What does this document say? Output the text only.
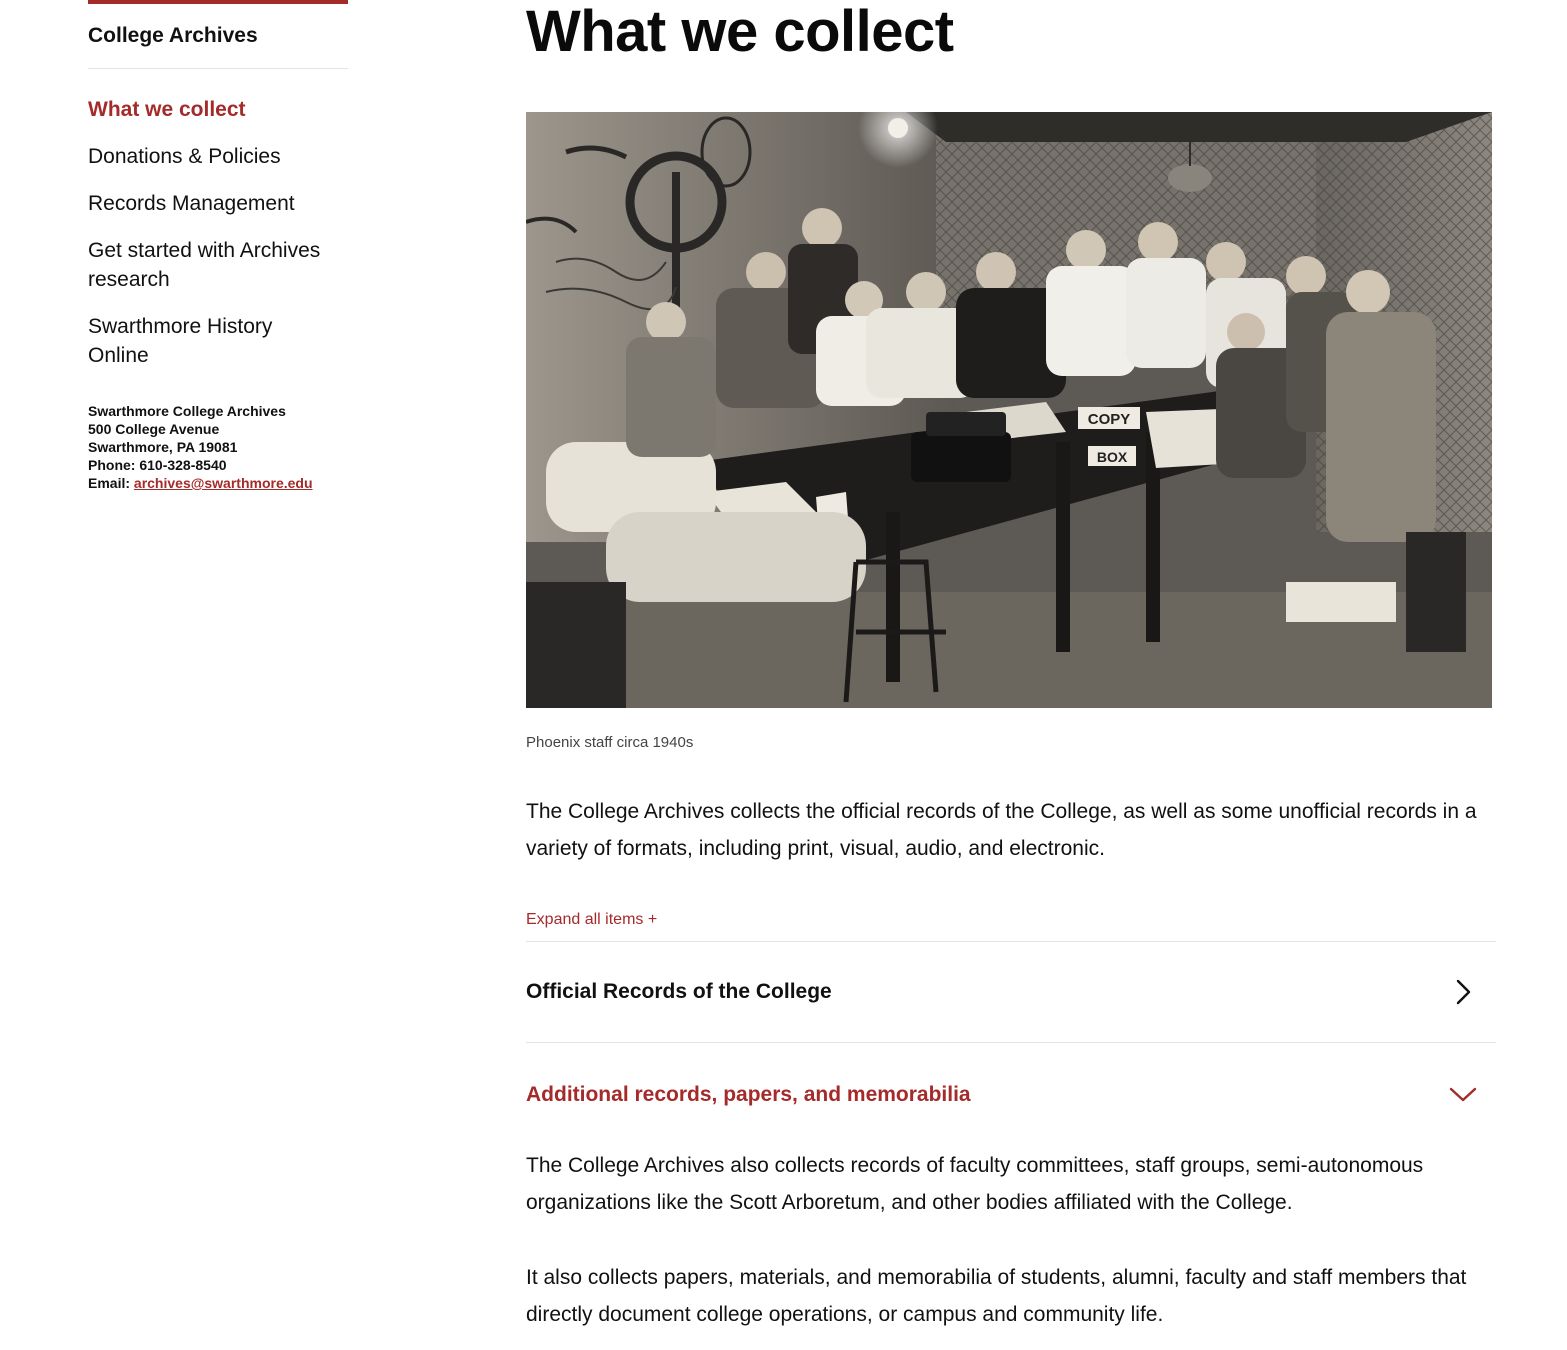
College Archives
What we collect
Donations & Policies
Records Management
Get started with Archives research
Swarthmore History Online
Swarthmore College Archives
500 College Avenue
Swarthmore, PA 19081
Phone: 610-328-8540
Email: archives@swarthmore.edu
What we collect
COPY
BOX

Phoenix staff circa 1940s

The College Archives collects the official records of the College, as well as some unofficial records in a variety of formats, including print, visual, audio, and electronic.

Expand all items +
Official Records of the College
Additional records, papers, and memorabilia

The College Archives also collects records of faculty committees, staff groups, semi-autonomous organizations like the Scott Arboretum, and other bodies affiliated with the College.

It also collects papers, materials, and memorabilia of students, alumni, faculty and staff members that directly document college operations, or campus and community life.
